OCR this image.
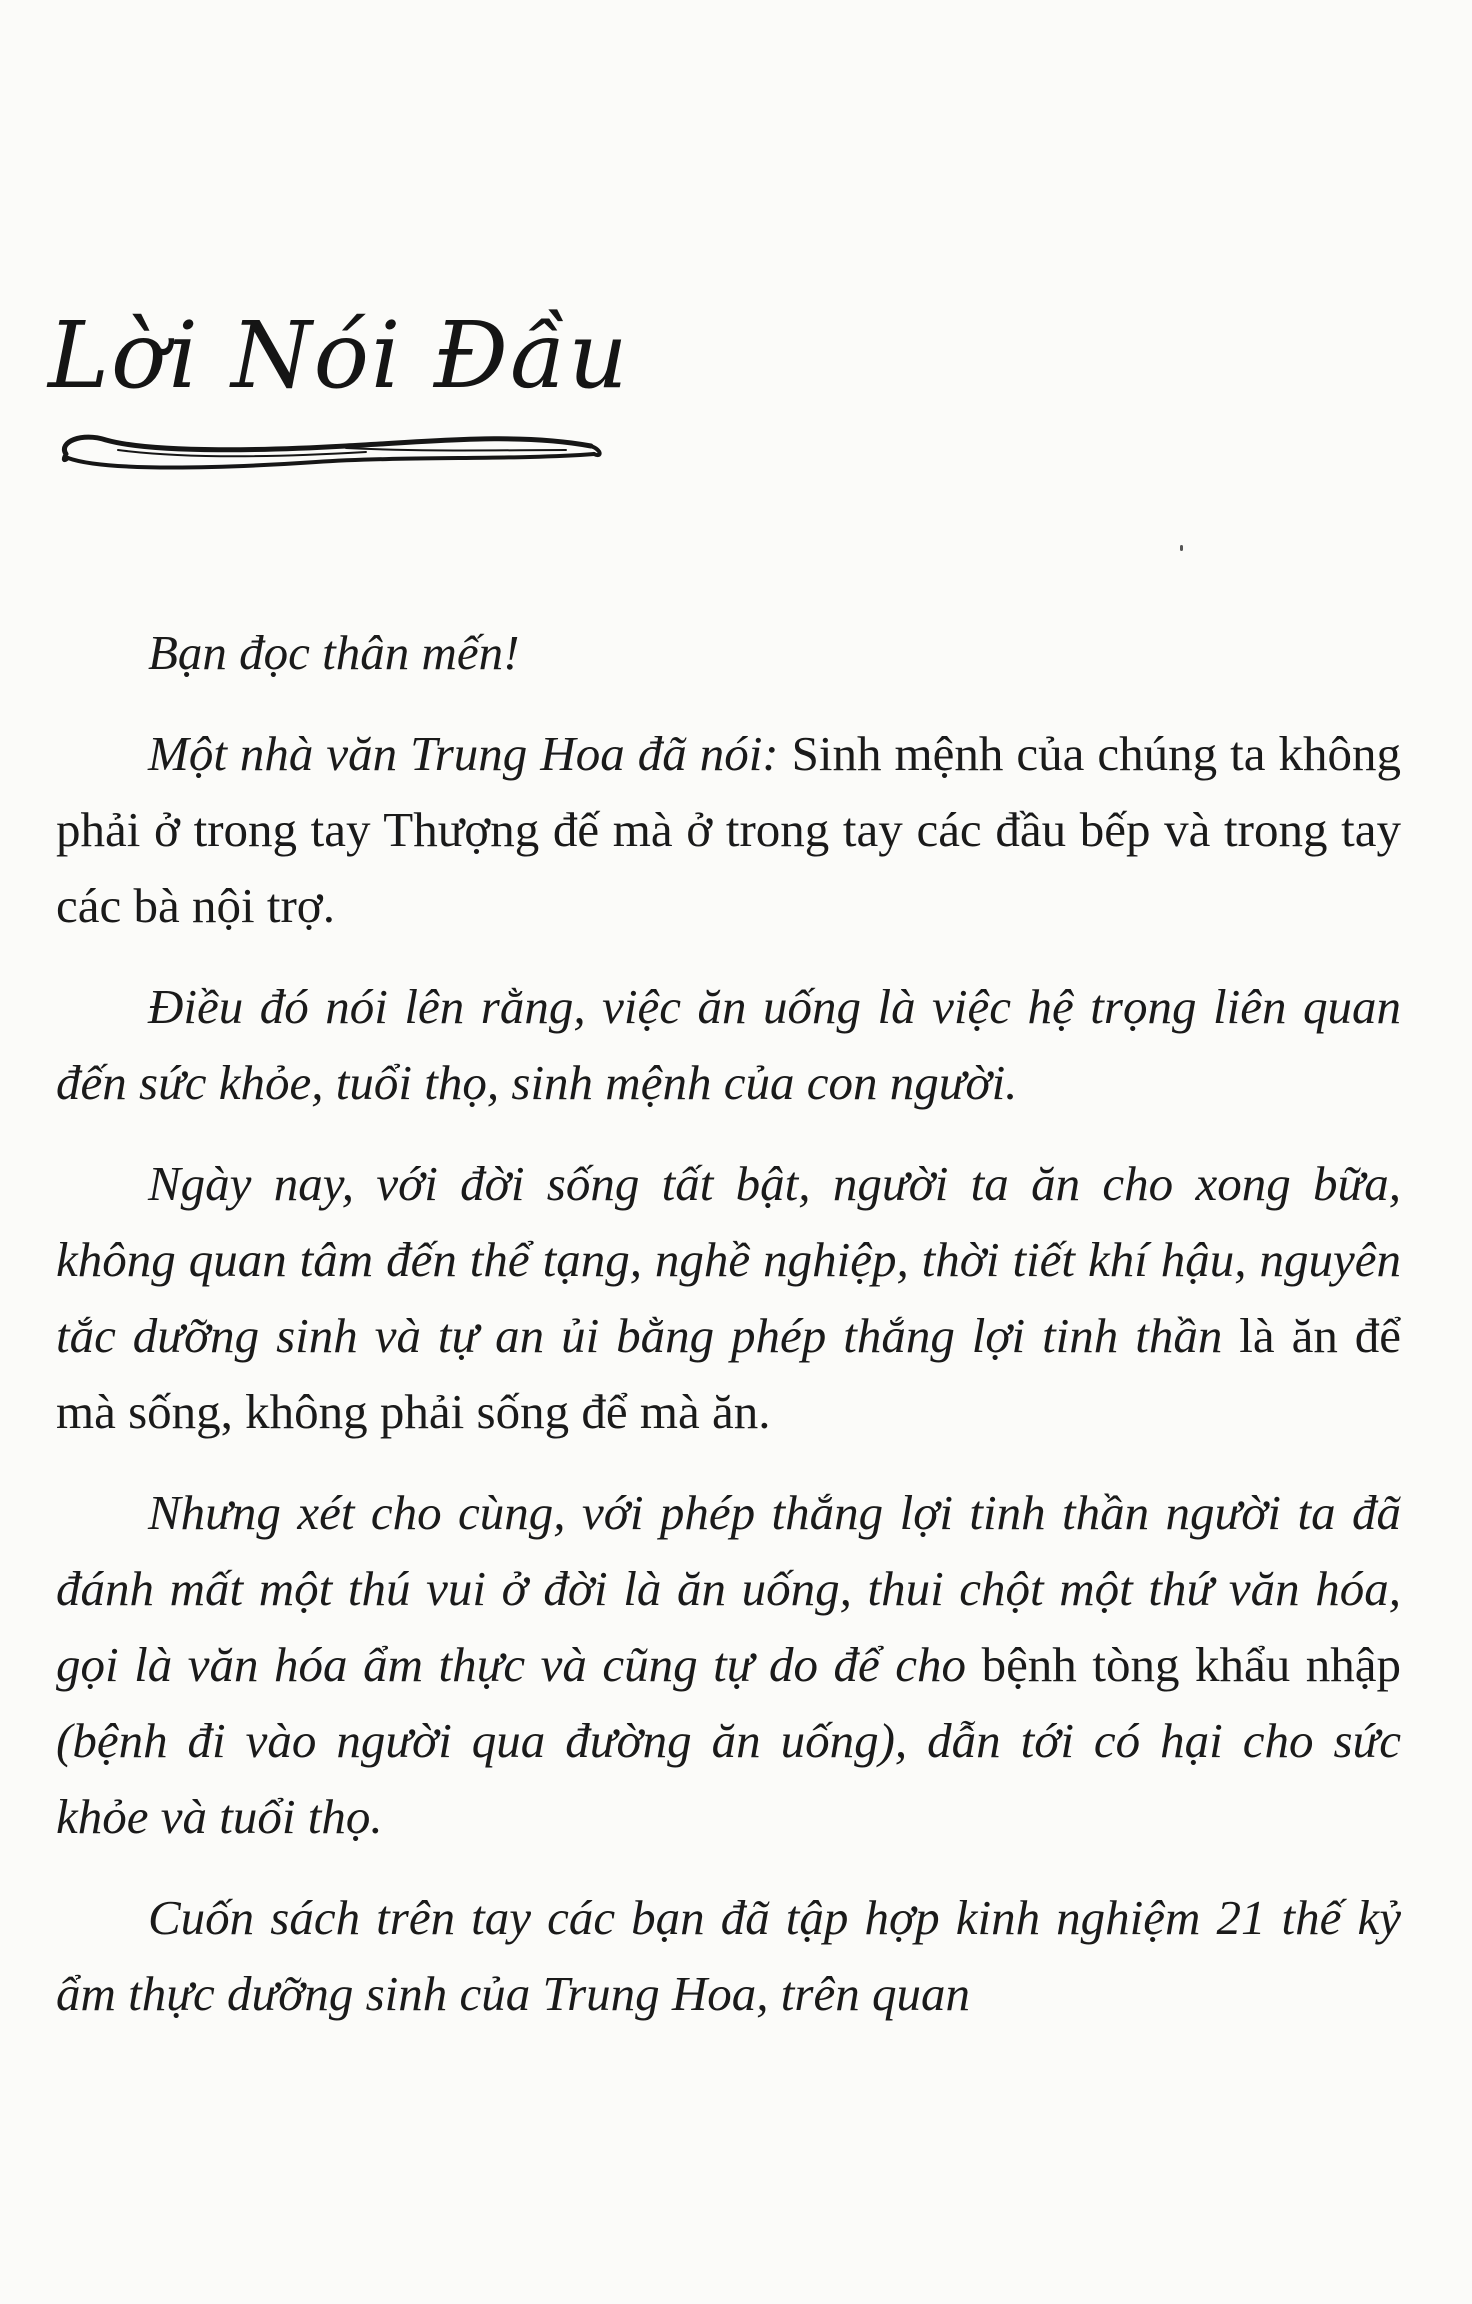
Lời Nói Đầu

Bạn đọc thân mến!

Một nhà văn Trung Hoa đã nói: Sinh mệnh của chúng ta không phải ở trong tay Thượng đế mà ở trong tay các đầu bếp và trong tay các bà nội trợ.

Điều đó nói lên rằng, việc ăn uống là việc hệ trọng liên quan đến sức khỏe, tuổi thọ, sinh mệnh của con người.

Ngày nay, với đời sống tất bật, người ta ăn cho xong bữa, không quan tâm đến thể tạng, nghề nghiệp, thời tiết khí hậu, nguyên tắc dưỡng sinh và tự an ủi bằng phép thắng lợi tinh thần là ăn để mà sống, không phải sống để mà ăn.

Nhưng xét cho cùng, với phép thắng lợi tinh thần người ta đã đánh mất một thú vui ở đời là ăn uống, thui chột một thứ văn hóa, gọi là văn hóa ẩm thực và cũng tự do để cho bệnh tòng khẩu nhập (bệnh đi vào người qua đường ăn uống), dẫn tới có hại cho sức khỏe và tuổi thọ.

Cuốn sách trên tay các bạn đã tập hợp kinh nghiệm 21 thế kỷ ẩm thực dưỡng sinh của Trung Hoa, trên quan
